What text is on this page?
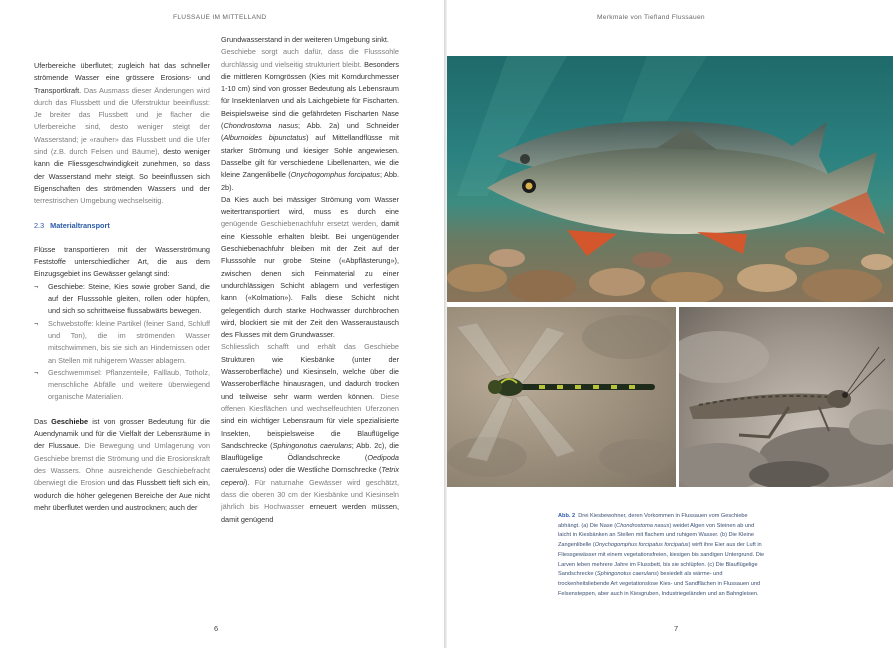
FLUSSAUE IM MITTELLAND

Uferbereiche überflutet; zugleich hat das schneller strömende Wasser eine grössere Erosions- und Transportkraft. Das Ausmass dieser Änderungen wird durch das Flussbett und die Uferstruktur beeinflusst: Je breiter das Flussbett und je flacher die Uferbereiche sind, desto weniger steigt der Wasserstand; je «rauher» das Flussbett und die Ufer sind (z.B. durch Felsen und Bäume), desto weniger kann die Fliessgeschwindigkeit zunehmen, so dass der Wasserstand mehr steigt. So beeinflussen sich Eigenschaften des strömenden Wassers und der terrestrischen Umgebung wechselseitig.

2.3 Materialtransport

Flüsse transportieren mit der Wasserströmung Feststoffe unterschiedlicher Art, die aus dem Einzugsgebiet ins Gewässer gelangt sind:

¬ Geschiebe: Steine, Kies sowie grober Sand, die auf der Flusssohle gleiten, rollen oder hüpfen, und sich so schrittweise flussabwärts bewegen.
¬ Schwebstoffe: kleine Partikel (feiner Sand, Schluff und Ton), die im strömenden Wasser mitschwimmen, bis sie sich an Hindernissen oder an Stellen mit ruhigerem Wasser ablagern.
¬ Geschwemmsel: Pflanzenteile, Falllaub, Totholz, menschliche Abfälle und weitere überwiegend organische Materialien.

Das Geschiebe ist von grosser Bedeutung für die Auendynamik und für die Vielfalt der Lebensräume in der Flussaue. Die Bewegung und Umlagerung von Geschiebe bremst die Strömung und die Erosionskraft des Wassers. Ohne ausreichende Geschiebefracht überwiegt die Erosion und das Flussbett tieft sich ein, wodurch die höher gelegenen Bereiche der Aue nicht mehr überflutet werden und austrocknen; auch der

Grundwasserstand in der weiteren Umgebung sinkt.

Geschiebe sorgt auch dafür, dass die Flusssohle durchlässig und vielseitig strukturiert bleibt. Besonders die mittleren Korngrössen (Kies mit Korndurchmesser 1-10 cm) sind von grosser Bedeutung als Lebensraum für Insektenlarven und als Laichgebiete für Fischarten. Beispielsweise sind die gefährdeten Fischarten Nase (Chondrostoma nasus; Abb. 2a) und Schneider (Alburnoides bipunctatus) auf Mittellandflüsse mit starker Strömung und kiesiger Sohle angewiesen. Dasselbe gilt für verschiedene Libellenarten, wie die kleine Zangenlibelle (Onychogomphus forcipatus; Abb. 2b).

Da Kies auch bei mässiger Strömung vom Wasser weitertransportiert wird, muss es durch eine genügende Geschiebenachfuhr ersetzt werden, damit eine Kiessohle erhalten bleibt. Bei ungenügender Geschiebenachfuhr bleiben mit der Zeit auf der Flusssohle nur grobe Steine («Abpflästerung»), zwischen denen sich Feinmaterial zu einer undurchlässigen Schicht ablagern und verfestigen kann («Kolmation»). Falls diese Schicht nicht gelegentlich durch starke Hochwasser durchbrochen wird, blockiert sie mit der Zeit den Wasseraustausch des Flusses mit dem Grundwasser.

Schliesslich schafft und erhält das Geschiebe Strukturen wie Kiesbänke (unter der Wasseroberfläche) und Kiesinseln, welche über die Wasseroberfläche hinausragen, und dadurch trocken und teilweise sehr warm werden können. Diese offenen Kiesflächen und wechselfeuchten Uferzonen sind ein wichtiger Lebensraum für viele spezialisierte Insekten, beispielsweise die Blauflügelige Sandschrecke (Sphingonotus caerulans; Abb. 2c), die Blauflügelige Ödlandschrecke (Oedipoda caerulescens) oder die Westliche Dornschrecke (Tetrix ceperoi). Für naturnahe Gewässer wird geschätzt, dass die oberen 30 cm der Kiesbänke und Kiesinseln jährlich bis Hochwasser erneuert werden müssen, damit genügend

6
Merkmale von Tiefland Flussauen
Abb. 2 Drei Kiesbewohner, deren Vorkommen in Flussauen vom Geschiebe abhängt. (a) Die Nase (Chondrostoma nasus) weidet Algen von Steinen ab und laicht in Kiesbänken an Stellen mit flachem und ruhigem Wasser. (b) Die Kleine Zangenlibelle (Onychogomphus forcipatus forcipatus) wirft ihre Eier aus der Luft in Fliessgewässer mit einem vegetationsfreien, kiesigen bis sandigen Untergrund. Die Larven leben mehrere Jahre im Flussbett, bis sie schlüpfen. (c) Die Blauflügelige Sandschrecke (Sphingonotus caerulans) besiedelt als wärme- und trockenheitsliebende Art vegetationslose Kies- und Sandflächen in Flussauen und Felsensteppen, aber auch in Kiesgruben, Industriegeländen und an Bahngleisen.
7
